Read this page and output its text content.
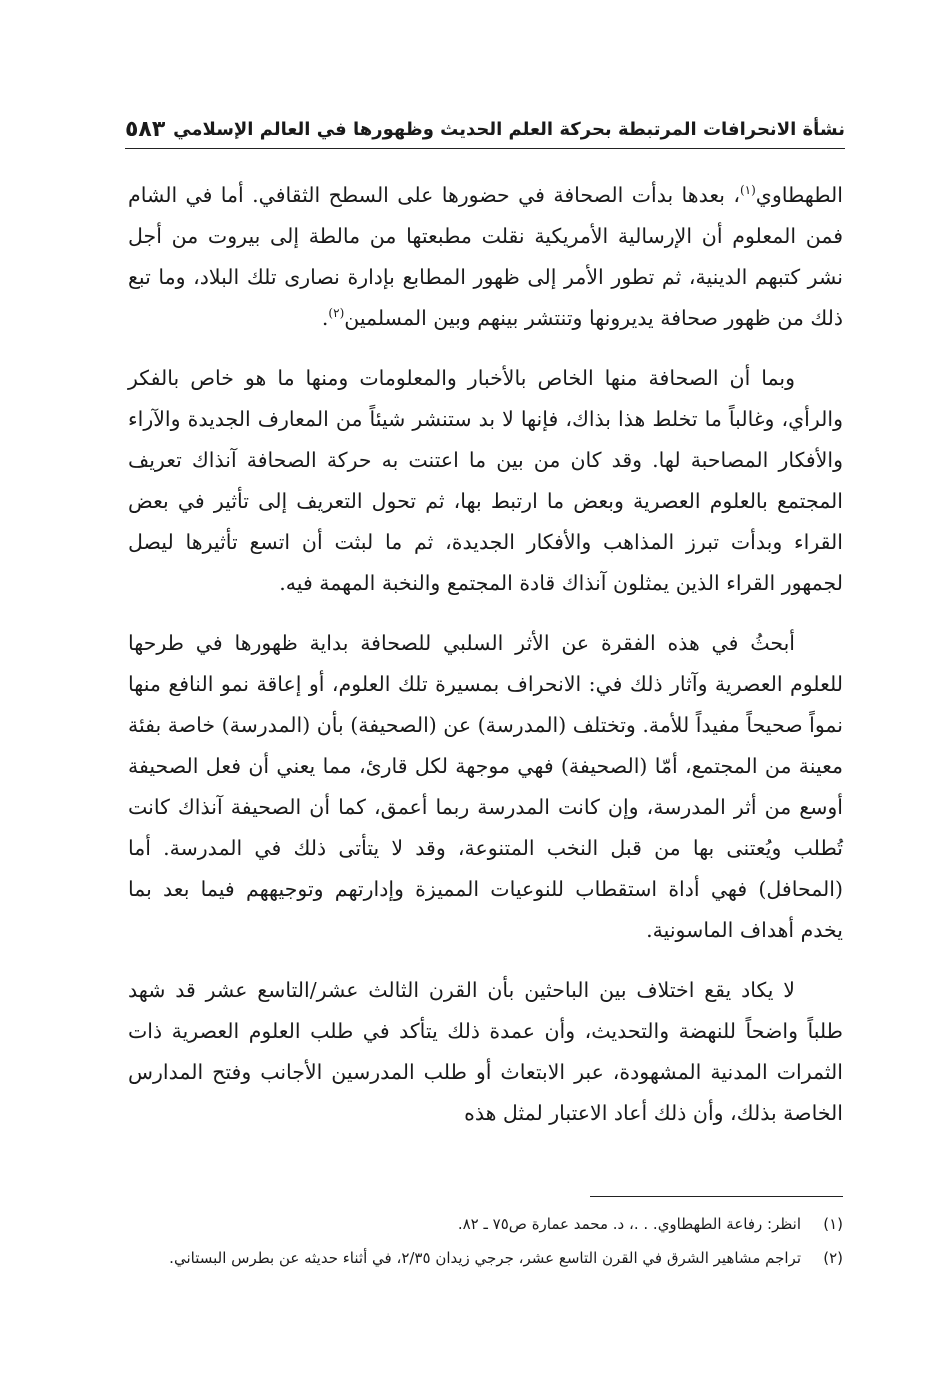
نشأة الانحرافات المرتبطة بحركة العلم الحديث وظهورها في العالم الإسلامي
٥٨٣

الطهطاوي$^{(١)}$، بعدها بدأت الصحافة في حضورها على السطح الثقافي. أما في الشام فمن المعلوم أن الإرسالية الأمريكية نقلت مطبعتها من مالطة إلى بيروت من أجل نشر كتبهم الدينية، ثم تطور الأمر إلى ظهور المطابع بإدارة نصارى تلك البلاد، وما تبع ذلك من ظهور صحافة يديرونها وتنتشر بينهم وبين المسلمين$^{(٢)}$.

وبما أن الصحافة منها الخاص بالأخبار والمعلومات ومنها ما هو خاص بالفكر والرأي، وغالباً ما تخلط هذا بذاك، فإنها لا بد ستنشر شيئاً من المعارف الجديدة والآراء والأفكار المصاحبة لها. وقد كان من بين ما اعتنت به حركة الصحافة آنذاك تعريف المجتمع بالعلوم العصرية وبعض ما ارتبط بها، ثم تحول التعريف إلى تأثير في بعض القراء وبدأت تبرز المذاهب والأفكار الجديدة، ثم ما لبثت أن اتسع تأثيرها ليصل لجمهور القراء الذين يمثلون آنذاك قادة المجتمع والنخبة المهمة فيه.

أبحثُ في هذه الفقرة عن الأثر السلبي للصحافة بداية ظهورها في طرحها للعلوم العصرية وآثار ذلك في: الانحراف بمسيرة تلك العلوم، أو إعاقة نمو النافع منها نمواً صحيحاً مفيداً للأمة. وتختلف (المدرسة) عن (الصحيفة) بأن (المدرسة) خاصة بفئة معينة من المجتمع، أمّا (الصحيفة) فهي موجهة لكل قارئ، مما يعني أن فعل الصحيفة أوسع من أثر المدرسة، وإن كانت المدرسة ربما أعمق، كما أن الصحيفة آنذاك كانت تُطلب ويُعتنى بها من قبل النخب المتنوعة، وقد لا يتأتى ذلك في المدرسة. أما (المحافل) فهي أداة استقطاب للنوعيات المميزة وإدارتهم وتوجيههم فيما بعد بما يخدم أهداف الماسونية.

لا يكاد يقع اختلاف بين الباحثين بأن القرن الثالث عشر/التاسع عشر قد شهد طلباً واضحاً للنهضة والتحديث، وأن عمدة ذلك يتأكد في طلب العلوم العصرية ذات الثمرات المدنية المشهودة، عبر الابتعاث أو طلب المدرسين الأجانب وفتح المدارس الخاصة بذلك، وأن ذلك أعاد الاعتبار لمثل هذه

(١)
انظر: رفاعة الطهطاوي. . .، د. محمد عمارة ص٧٥ ـ ٨٢.
(٢)
تراجم مشاهير الشرق في القرن التاسع عشر، جرجي زيدان ٢/٣٥، في أثناء حديثه عن بطرس البستاني.
